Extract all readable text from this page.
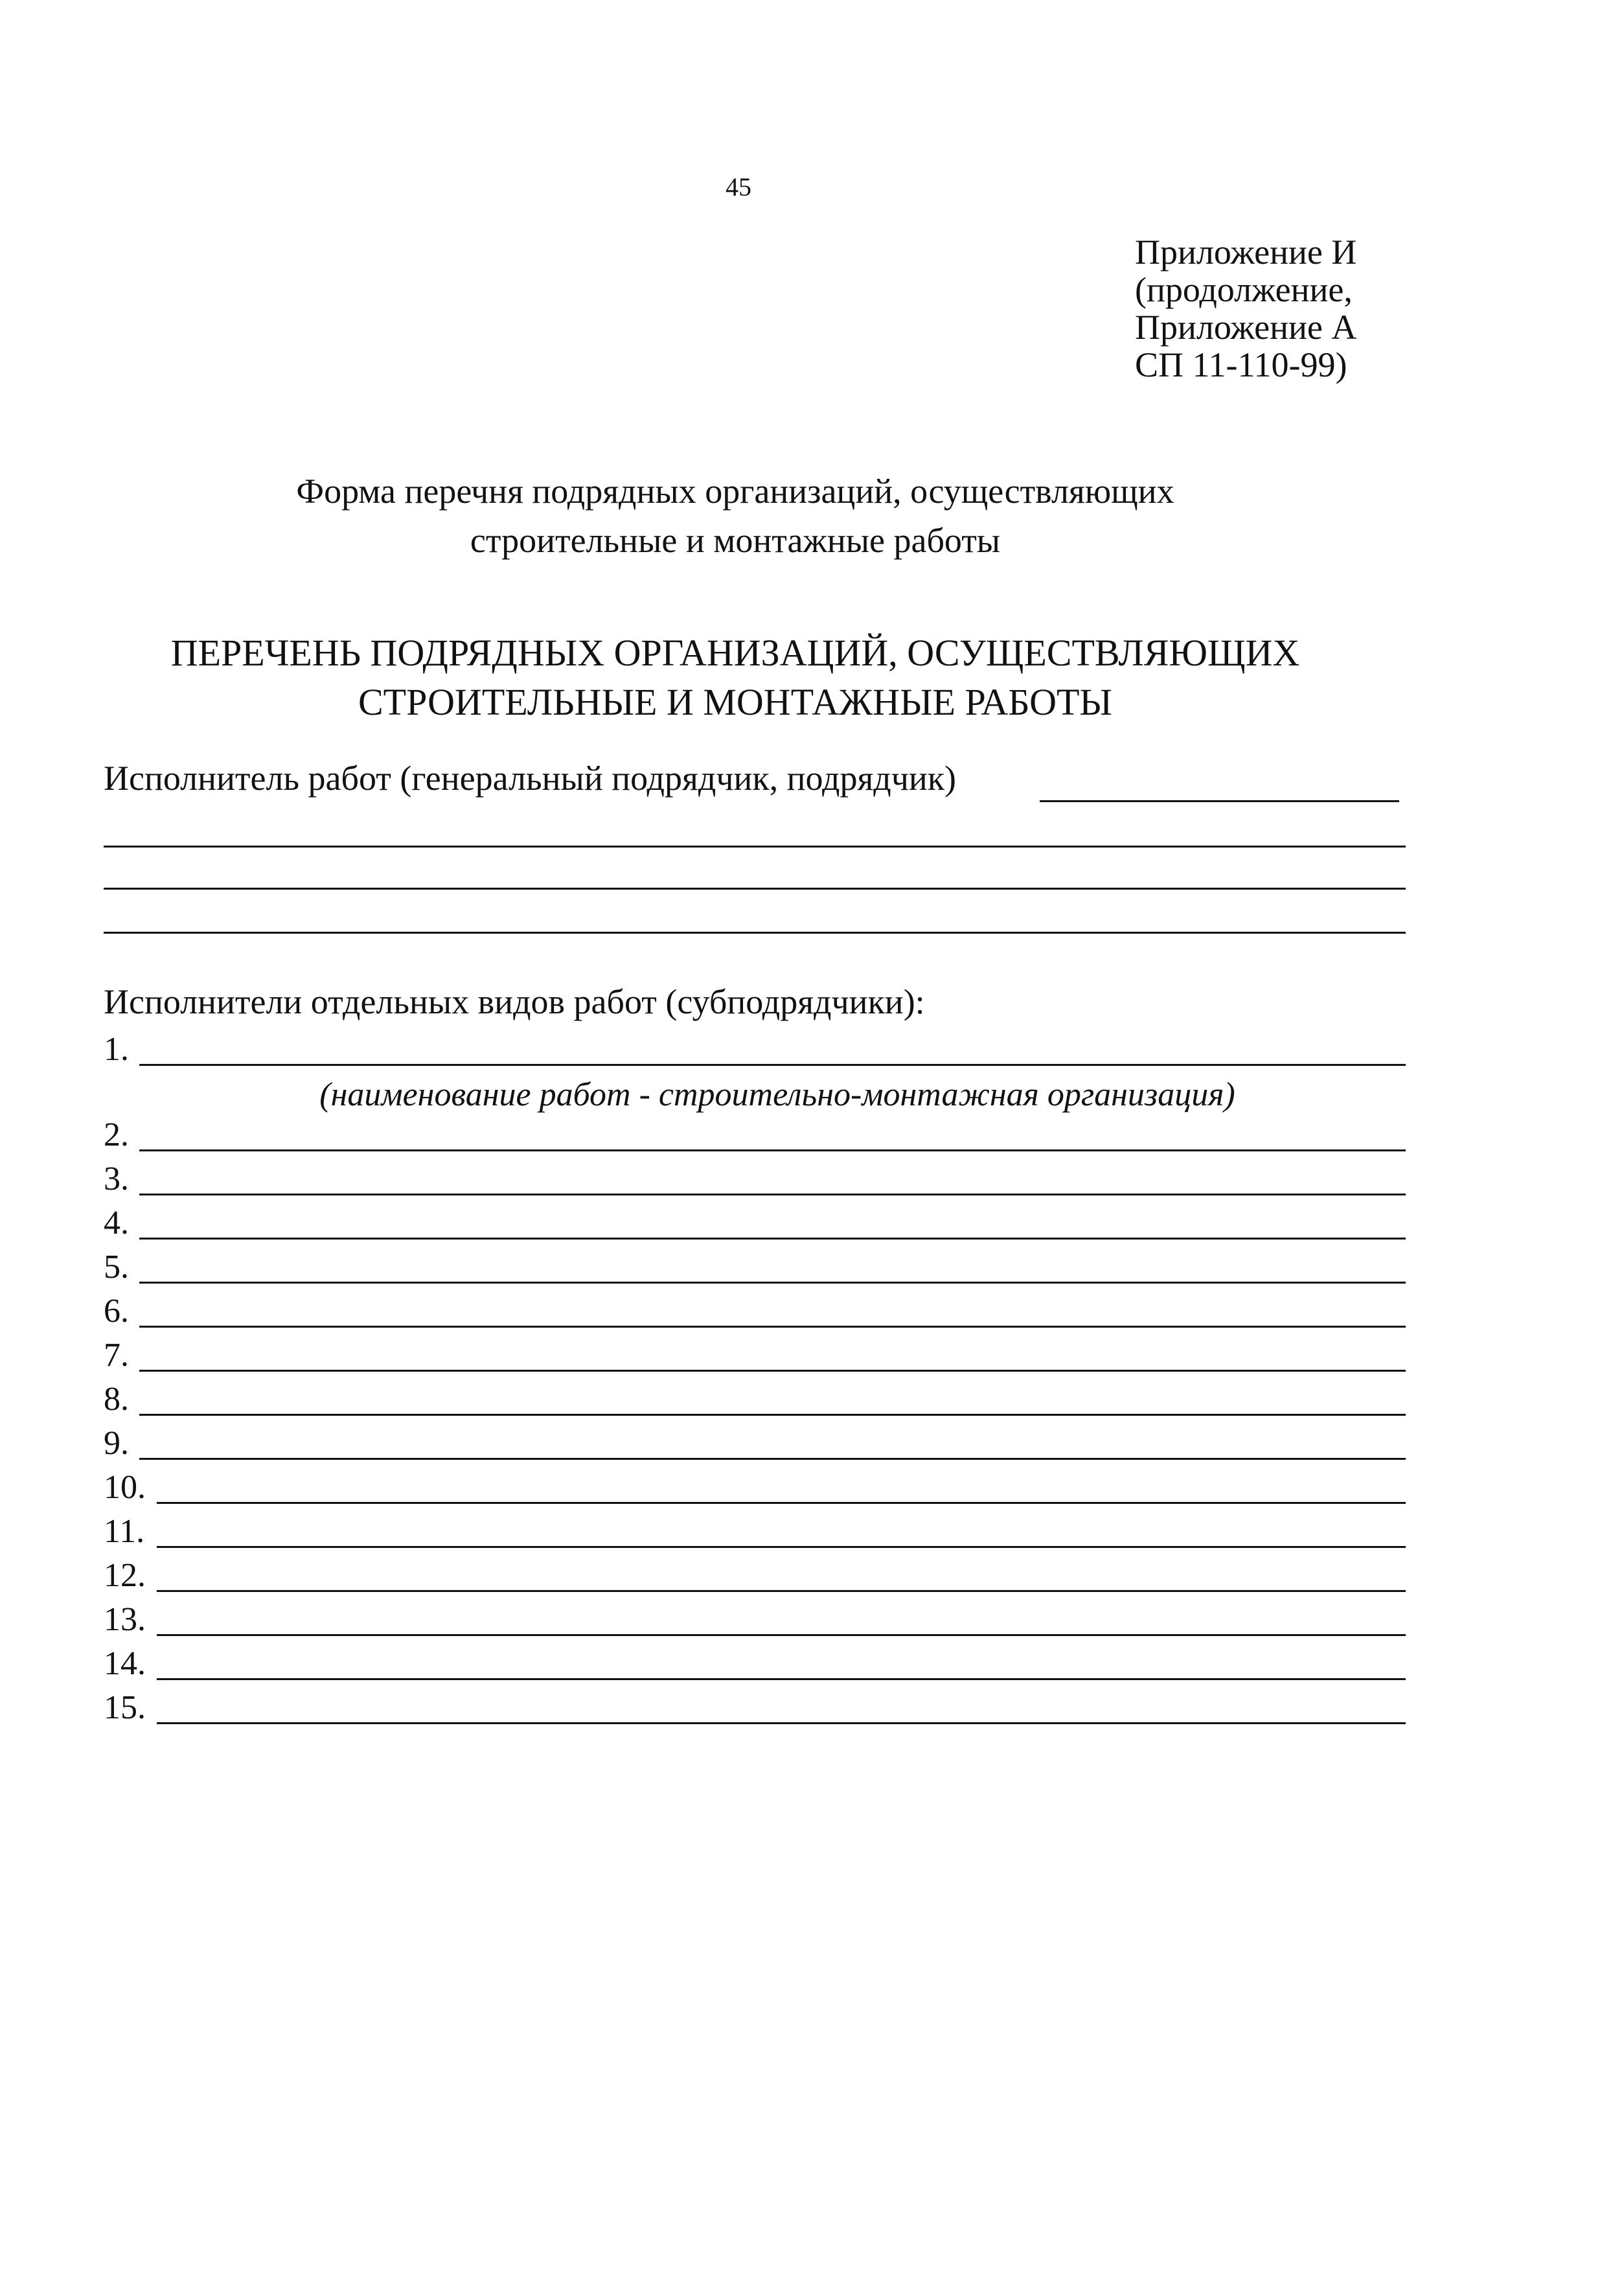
45
Приложение И
(продолжение,
Приложение А
СП 11-110-99)
Форма перечня подрядных организаций, осуществляющих
строительные и монтажные работы
ПЕРЕЧЕНЬ ПОДРЯДНЫХ ОРГАНИЗАЦИЙ, ОСУЩЕСТВЛЯЮЩИХ
СТРОИТЕЛЬНЫЕ И МОНТАЖНЫЕ РАБОТЫ
Исполнитель работ (генеральный подрядчик, подрядчик)
Исполнители отдельных видов работ (субподрядчики):
1.
2.
3.
4.
5.
6.
7.
8.
9.
10.
11.
12.
13.
14.
15.
(наименование работ - строительно-монтажная организация)
